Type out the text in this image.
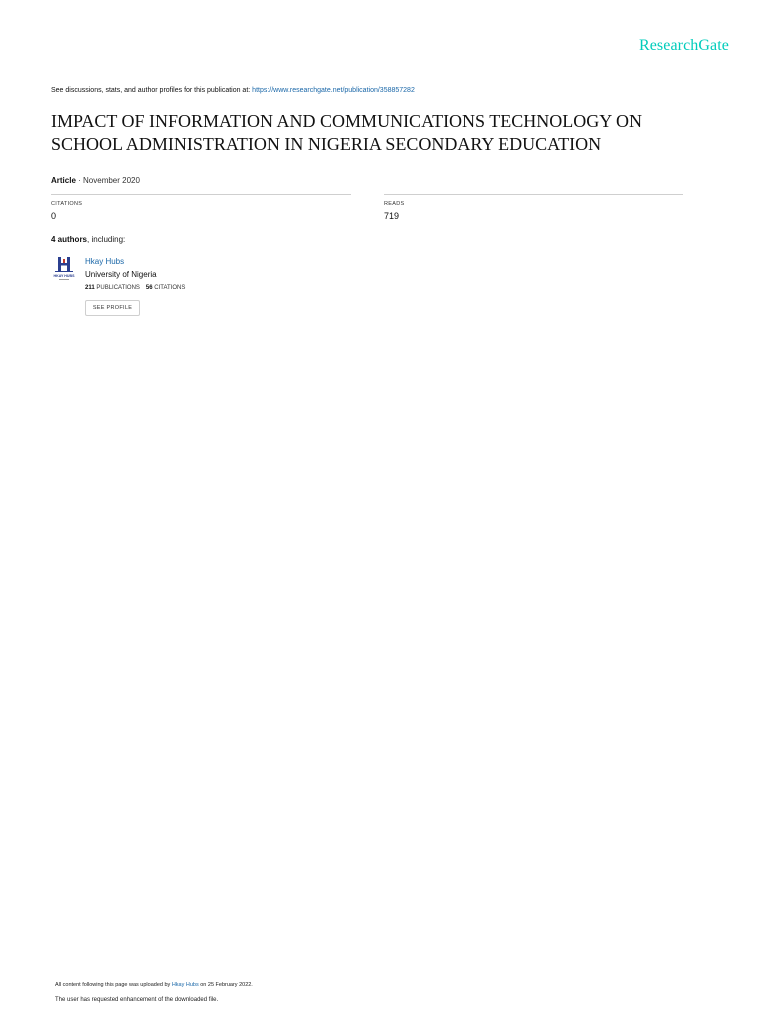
ResearchGate
See discussions, stats, and author profiles for this publication at: https://www.researchgate.net/publication/358857282
IMPACT OF INFORMATION AND COMMUNICATIONS TECHNOLOGY ON
SCHOOL ADMINISTRATION IN NIGERIA SECONDARY EDUCATION
Article · November 2020
CITATIONS
0
READS
719
4 authors, including:
HKAY HUBS
Hkay Hubs
University of Nigeria
211 PUBLICATIONS 56 CITATIONS
SEE PROFILE
All content following this page was uploaded by Hkay Hubs on 25 February 2022.
The user has requested enhancement of the downloaded file.
